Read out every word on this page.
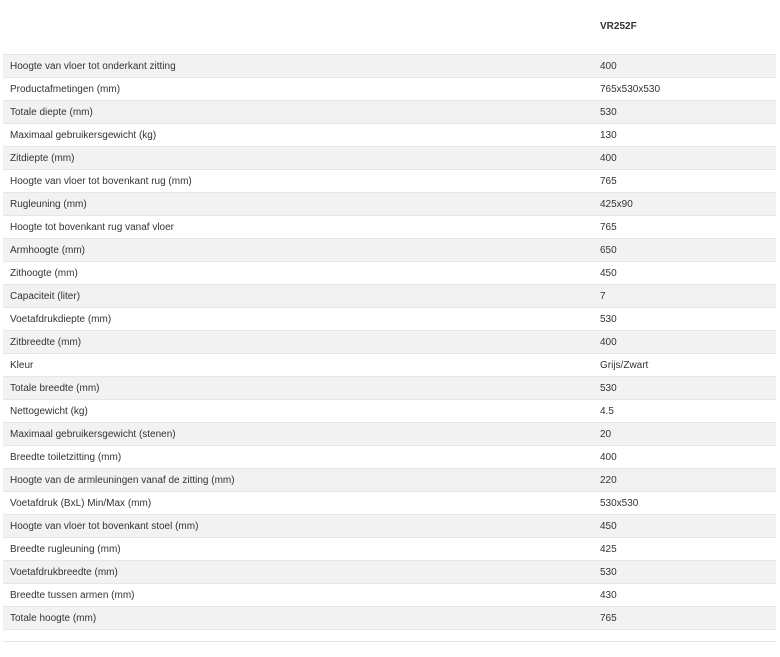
VR252F
Hoogte van vloer tot onderkant zitting	400
Productafmetingen (mm)	765x530x530
Totale diepte (mm)	530
Maximaal gebruikersgewicht (kg)	130
Zitdiepte (mm)	400
Hoogte van vloer tot bovenkant rug (mm)	765
Rugleuning (mm)	425x90
Hoogte tot bovenkant rug vanaf vloer	765
Armhoogte (mm)	650
Zithoogte (mm)	450
Capaciteit (liter)	7
Voetafdrukdiepte (mm)	530
Zitbreedte (mm)	400
Kleur	Grijs/Zwart
Totale breedte (mm)	530
Nettogewicht (kg)	4.5
Maximaal gebruikersgewicht (stenen)	20
Breedte toiletzitting (mm)	400
Hoogte van de armleuningen vanaf de zitting (mm)	220
Voetafdruk (BxL) Min/Max (mm)	530x530
Hoogte van vloer tot bovenkant stoel (mm)	450
Breedte rugleuning (mm)	425
Voetafdrukbreedte (mm)	530
Breedte tussen armen (mm)	430
Totale hoogte (mm)	765
